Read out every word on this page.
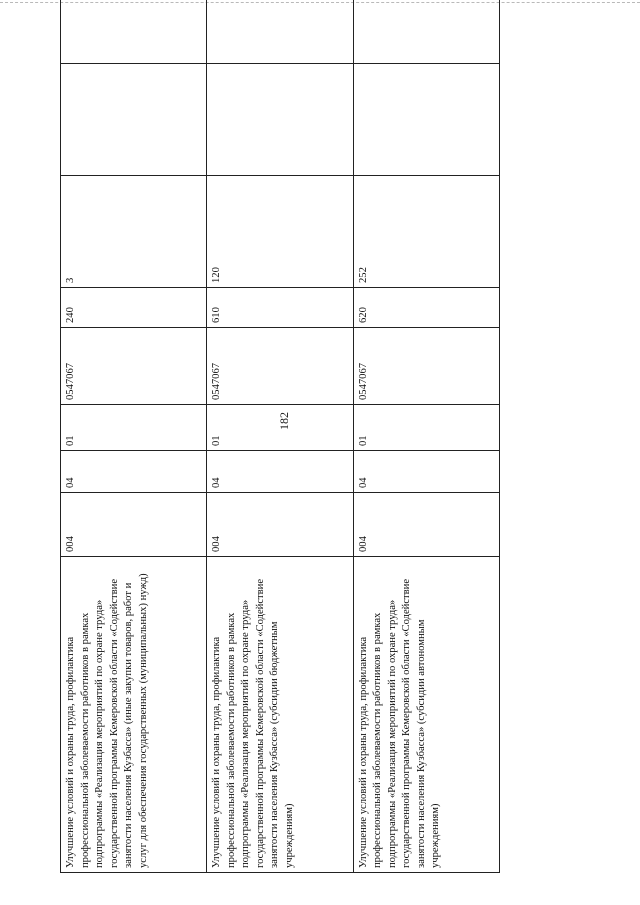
182
Улучшение условий и охраны труда, профилактика профессиональной заболеваемости работников в рамках подпрограммы «Реализация мероприятий по охране труда» государственной программы Кемеровской области «Содействие занятости населения Кузбасса» (иные закупки товаров, работ и услуг для обеспечения государственных (муниципальных) нужд)	004	04	01	0547067	240	3		
Улучшение условий и охраны труда, профилактика профессиональной заболеваемости работников в рамках подпрограммы «Реализация мероприятий по охране труда» государственной программы Кемеровской области «Содействие занятости населения Кузбасса» (субсидии бюджетным учреждениям)	004	04	01	0547067	610	120		
Улучшение условий и охраны труда, профилактика профессиональной заболеваемости работников в рамках подпрограммы «Реализация мероприятий по охране труда» государственной программы Кемеровской области «Содействие занятости населения Кузбасса» (субсидии автономным учреждениям)	004	04	01	0547067	620	252		
